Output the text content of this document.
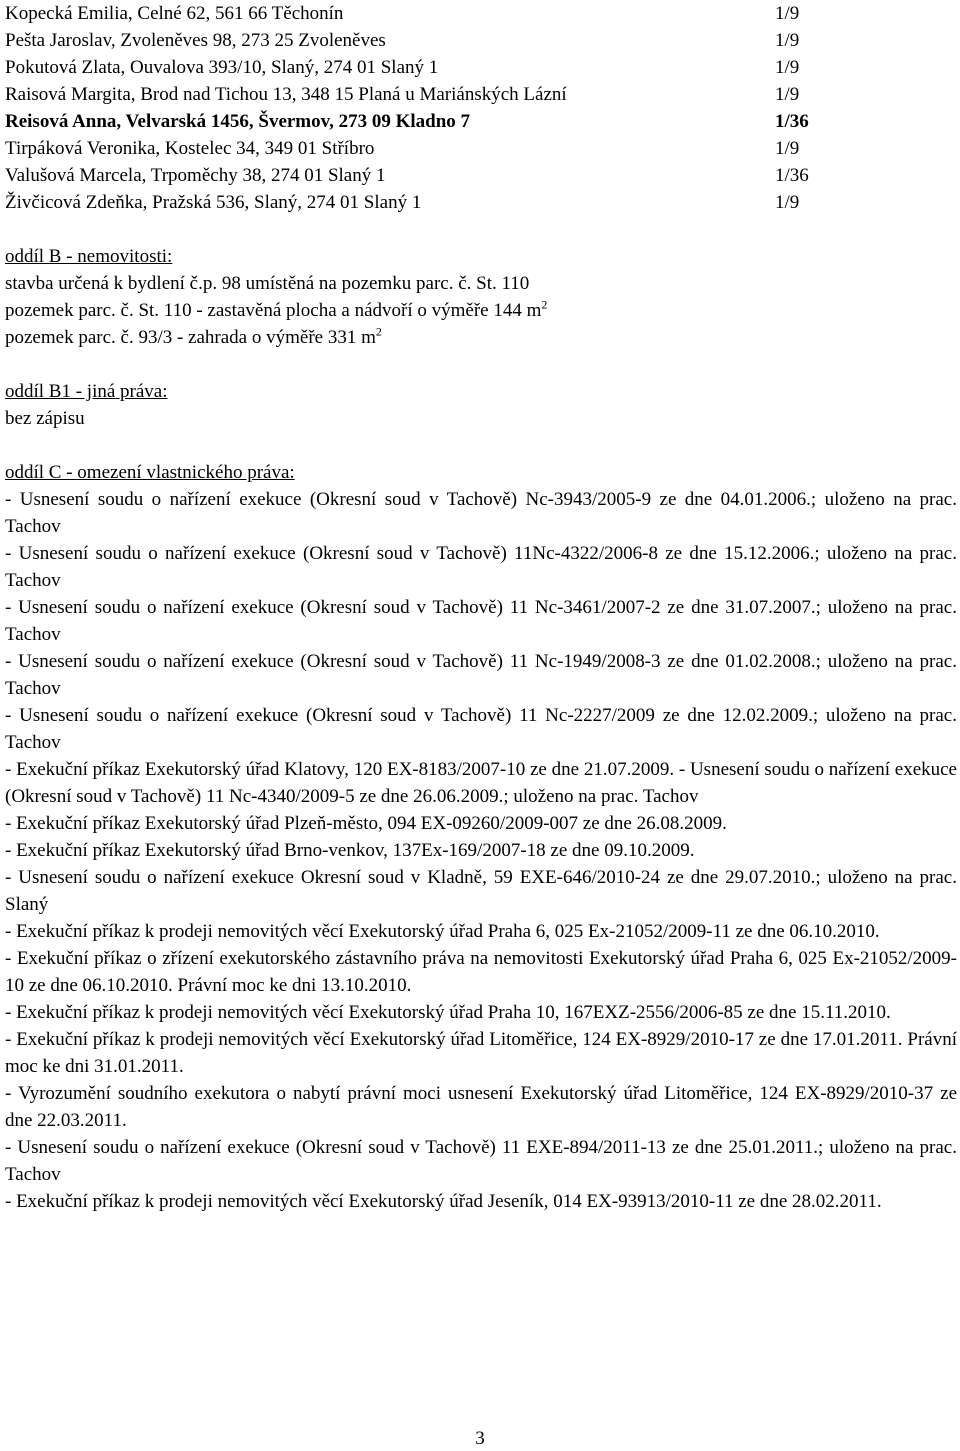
Kopecká Emilia, Celné 62, 561 66 Těchonín	1/9
Pešta Jaroslav, Zvoleněves 98, 273 25 Zvoleněves	1/9
Pokutová Zlata, Ouvalova 393/10, Slaný, 274 01 Slaný 1	1/9
Raisová Margita, Brod nad Tichou 13, 348 15 Planá u Mariánských Lázní	1/9
Reisová Anna, Velvarská 1456, Švermov, 273 09 Kladno 7	1/36
Tirpáková Veronika, Kostelec 34, 349 01 Stříbro	1/9
Valušová Marcela, Trpoměchy 38, 274 01 Slaný 1	1/36
Živčicová Zdeňka, Pražská 536, Slaný, 274 01 Slaný 1	1/9
oddíl B - nemovitosti:
stavba určená k bydlení č.p. 98 umístěná na pozemku parc. č. St. 110
pozemek parc. č. St. 110 - zastavěná plocha a nádvoří o výměře 144 $m^2$
pozemek parc. č. 93/3 - zahrada o výměře 331 $m^2$
oddíl B1 - jiná práva:
bez zápisu
oddíl C - omezení vlastnického práva:
- Usnesení soudu o nařízení exekuce (Okresní soud v Tachově) Nc-3943/2005-9 ze dne 04.01.2006.; uloženo na prac. Tachov
- Usnesení soudu o nařízení exekuce (Okresní soud v Tachově) 11Nc-4322/2006-8 ze dne 15.12.2006.; uloženo na prac. Tachov
- Usnesení soudu o nařízení exekuce (Okresní soud v Tachově) 11 Nc-3461/2007-2 ze dne 31.07.2007.; uloženo na prac. Tachov
- Usnesení soudu o nařízení exekuce (Okresní soud v Tachově) 11 Nc-1949/2008-3 ze dne 01.02.2008.; uloženo na prac. Tachov
- Usnesení soudu o nařízení exekuce (Okresní soud v Tachově) 11 Nc-2227/2009 ze dne 12.02.2009.; uloženo na prac. Tachov
- Exekuční příkaz Exekutorský úřad Klatovy, 120 EX-8183/2007-10 ze dne 21.07.2009. - Usnesení soudu o nařízení exekuce (Okresní soud v Tachově) 11 Nc-4340/2009-5 ze dne 26.06.2009.; uloženo na prac. Tachov
- Exekuční příkaz Exekutorský úřad Plzeň-město, 094 EX-09260/2009-007 ze dne 26.08.2009.
- Exekuční příkaz Exekutorský úřad Brno-venkov, 137Ex-169/2007-18 ze dne 09.10.2009.
- Usnesení soudu o nařízení exekuce Okresní soud v Kladně, 59 EXE-646/2010-24 ze dne 29.07.2010.; uloženo na prac. Slaný
- Exekuční příkaz k prodeji nemovitých věcí Exekutorský úřad Praha 6, 025 Ex-21052/2009-11 ze dne 06.10.2010.
- Exekuční příkaz o zřízení exekutorského zástavního práva na nemovitosti Exekutorský úřad Praha 6, 025 Ex-21052/2009-10 ze dne 06.10.2010. Právní moc ke dni 13.10.2010.
- Exekuční příkaz k prodeji nemovitých věcí Exekutorský úřad Praha 10, 167EXZ-2556/2006-85 ze dne 15.11.2010.
- Exekuční příkaz k prodeji nemovitých věcí Exekutorský úřad Litoměřice, 124 EX-8929/2010-17 ze dne 17.01.2011. Právní moc ke dni 31.01.2011.
- Vyrozumění soudního exekutora o nabytí právní moci usnesení Exekutorský úřad Litoměřice, 124 EX-8929/2010-37 ze dne 22.03.2011.
- Usnesení soudu o nařízení exekuce (Okresní soud v Tachově) 11 EXE-894/2011-13 ze dne 25.01.2011.; uloženo na prac. Tachov
- Exekuční příkaz k prodeji nemovitých věcí Exekutorský úřad Jeseník, 014 EX-93913/2010-11 ze dne 28.02.2011.
3
